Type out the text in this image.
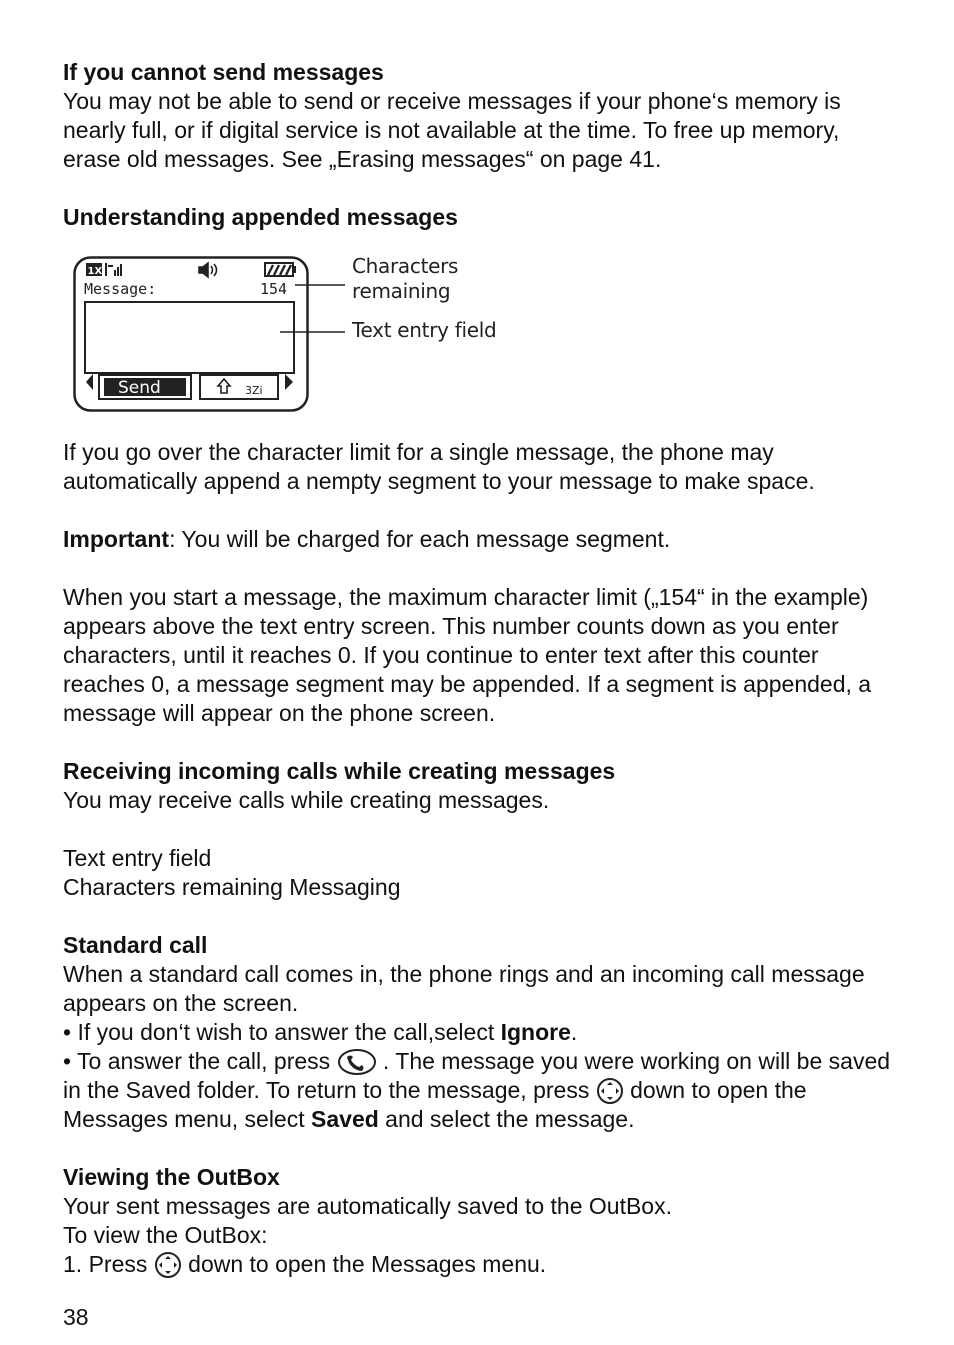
If you cannot send messages

You may not be able to send or receive messages if your phone‘s memory is nearly full, or if digital service is not available at the time. To free up memory, erase old messages. See „Erasing messages“ on page 41.

Understanding appended messages

1X
Message:	154
Send	3Zi
Characters
remaining
Text entry field

If you go over the character limit for a single message, the phone may automatically append a nempty segment to your message to make space.

Important: You will be charged for each message segment.

When you start a message, the maximum character limit („154“ in the example) appears above the text entry screen. This number counts down as you enter characters, until it reaches 0. If you continue to enter text after this counter reaches 0, a message segment may be appended. If a segment is appended, a message will appear on the phone screen.

Receiving incoming calls while creating messages

You may receive calls while creating messages.

Text entry field

Characters remaining Messaging

Standard call

When a standard call comes in, the phone rings and an incoming call message appears on the screen.

• If you don‘t wish to answer the call,select Ignore.

• To answer the call, press  . The message you were working on will be saved in the Saved folder. To return to the message, press  down to open the Messages menu, select Saved and select the message.

Viewing the OutBox

Your sent messages are automatically saved to the OutBox.

To view the OutBox:

1. Press  down to open the Messages menu.

38
